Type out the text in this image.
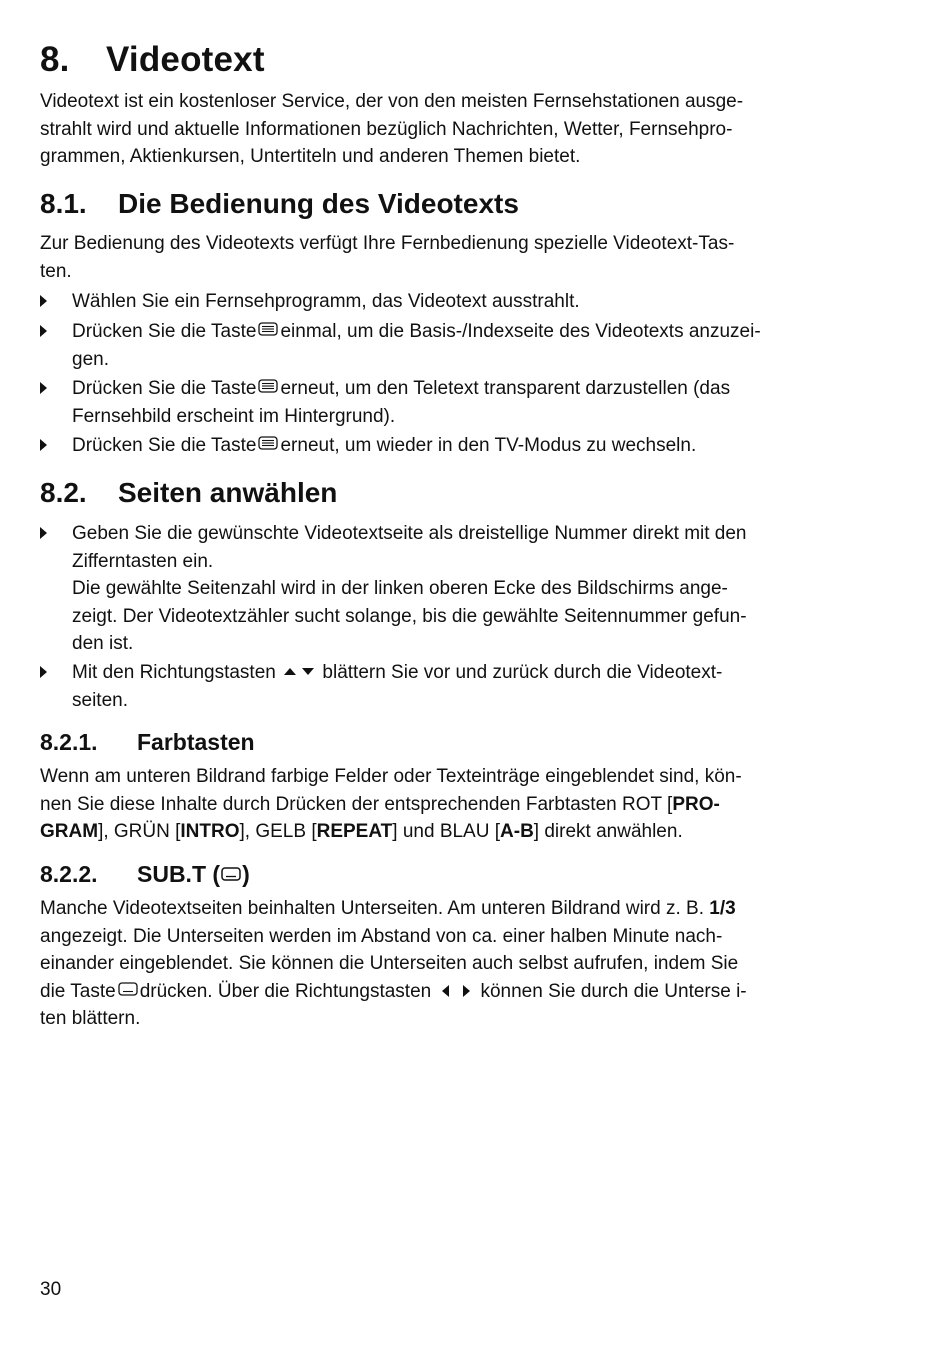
8. Videotext
Videotext ist ein kostenloser Service, der von den meisten Fernsehstationen ausge-
strahlt wird und aktuelle Informationen bezüglich Nachrichten, Wetter, Fernsehpro-
grammen, Aktienkursen, Untertiteln und anderen Themen bietet.
8.1. Die Bedienung des Videotexts
Zur Bedienung des Videotexts verfügt Ihre Fernbedienung spezielle Videotext-Tas-
ten.
Wählen Sie ein Fernsehprogramm, das Videotext ausstrahlt.
Drücken Sie die Taste einmal, um die Basis-/Indexseite des Videotexts anzuzei-
gen.
Drücken Sie die Taste erneut, um den Teletext transparent darzustellen (das
Fernsehbild erscheint im Hintergrund).
Drücken Sie die Taste erneut, um wieder in den TV-Modus zu wechseln.
8.2. Seiten anwählen
Geben Sie die gewünschte Videotextseite als dreistellige Nummer direkt mit den
Zifferntasten ein.
Die gewählte Seitenzahl wird in der linken oberen Ecke des Bildschirms ange-
zeigt. Der Videotextzähler sucht solange, bis die gewählte Seitennummer gefun-
den ist.
Mit den Richtungstasten blättern Sie vor und zurück durch die Videotext-
seiten.
8.2.1. Farbtasten
Wenn am unteren Bildrand farbige Felder oder Texteinträge eingeblendet sind, kön-
nen Sie diese Inhalte durch Drücken der entsprechenden Farbtasten ROT [PRO-
GRAM], GRÜN [INTRO], GELB [REPEAT] und BLAU [A-B] direkt anwählen.
8.2.2. SUB.T ( )
Manche Videotextseiten beinhalten Unterseiten. Am unteren Bildrand wird z. B. 1/3
angezeigt. Die Unterseiten werden im Abstand von ca. einer halben Minute nach-
einander eingeblendet. Sie können die Unterseiten auch selbst aufrufen, indem Sie
die Taste drücken. Über die Richtungstasten	können Sie durch die Unterse i-
ten blättern.
30
